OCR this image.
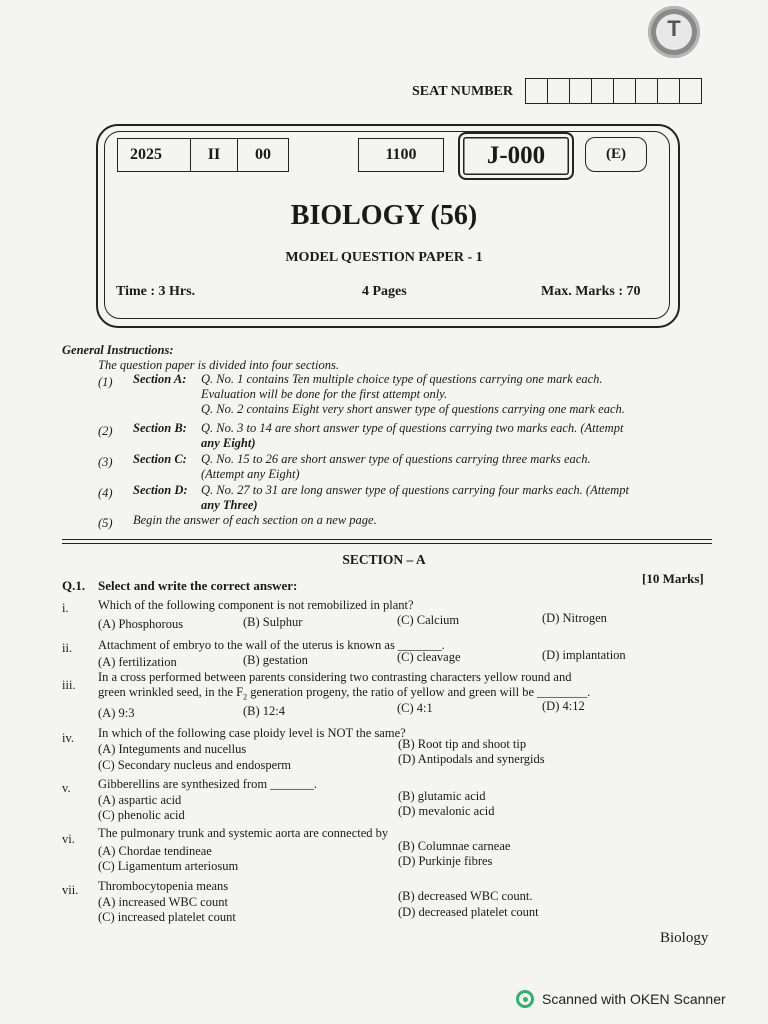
T
SEAT NUMBER
2025	II	00	1100	J-000	(E)
BIOLOGY (56)
MODEL QUESTION PAPER - 1
Time : 3 Hrs.	4 Pages	Max. Marks : 70
General Instructions:
The question paper is divided into four sections.
(1) Section A: Q. No. 1 contains Ten multiple choice type of questions carrying one mark each.
Evaluation will be done for the first attempt only.
Q. No. 2 contains Eight very short answer type of questions carrying one mark each.
(2) Section B: Q. No. 3 to 14 are short answer type of questions carrying two marks each. (Attempt
any Eight)
(3) Section C: Q. No. 15 to 26 are short answer type of questions carrying three marks each.
(Attempt any Eight)
(4) Section D: Q. No. 27 to 31 are long answer type of questions carrying four marks each. (Attempt
any Three)
(5) Begin the answer of each section on a new page.
SECTION – A
Q.1. Select and write the correct answer:	[10 Marks]
i. Which of the following component is not remobilized in plant?
(A) Phosphorous	(B) Sulphur	(C) Calcium	(D) Nitrogen
ii. Attachment of embryo to the wall of the uterus is known as _______.
(A) fertilization	(B) gestation	(C) cleavage	(D) implantation
iii.
In a cross performed between parents considering two contrasting characters yellow round and
green wrinkled seed, in the $F_2$ generation progeny, the ratio of yellow and green will be ________.
(A) 9:3	(B) 12:4	(C) 4:1	(D) 4:12
iv. In which of the following case ploidy level is NOT the same?
(A) Integuments and nucellus	(B) Root tip and shoot tip
(C) Secondary nucleus and endosperm	(D) Antipodals and synergids
v. Gibberellins are synthesized from _______.
(A) aspartic acid	(B) glutamic acid
(C) phenolic acid	(D) mevalonic acid
vi. The pulmonary trunk and systemic aorta are connected by
(A) Chordae tendineae	(B) Columnae carneae
(C) Ligamentum arteriosum	(D) Purkinje fibres
vii. Thrombocytopenia means
(A) increased WBC count	(B) decreased WBC count.
(C) increased platelet count	(D) decreased platelet count
Biology
Scanned with OKEN Scanner
